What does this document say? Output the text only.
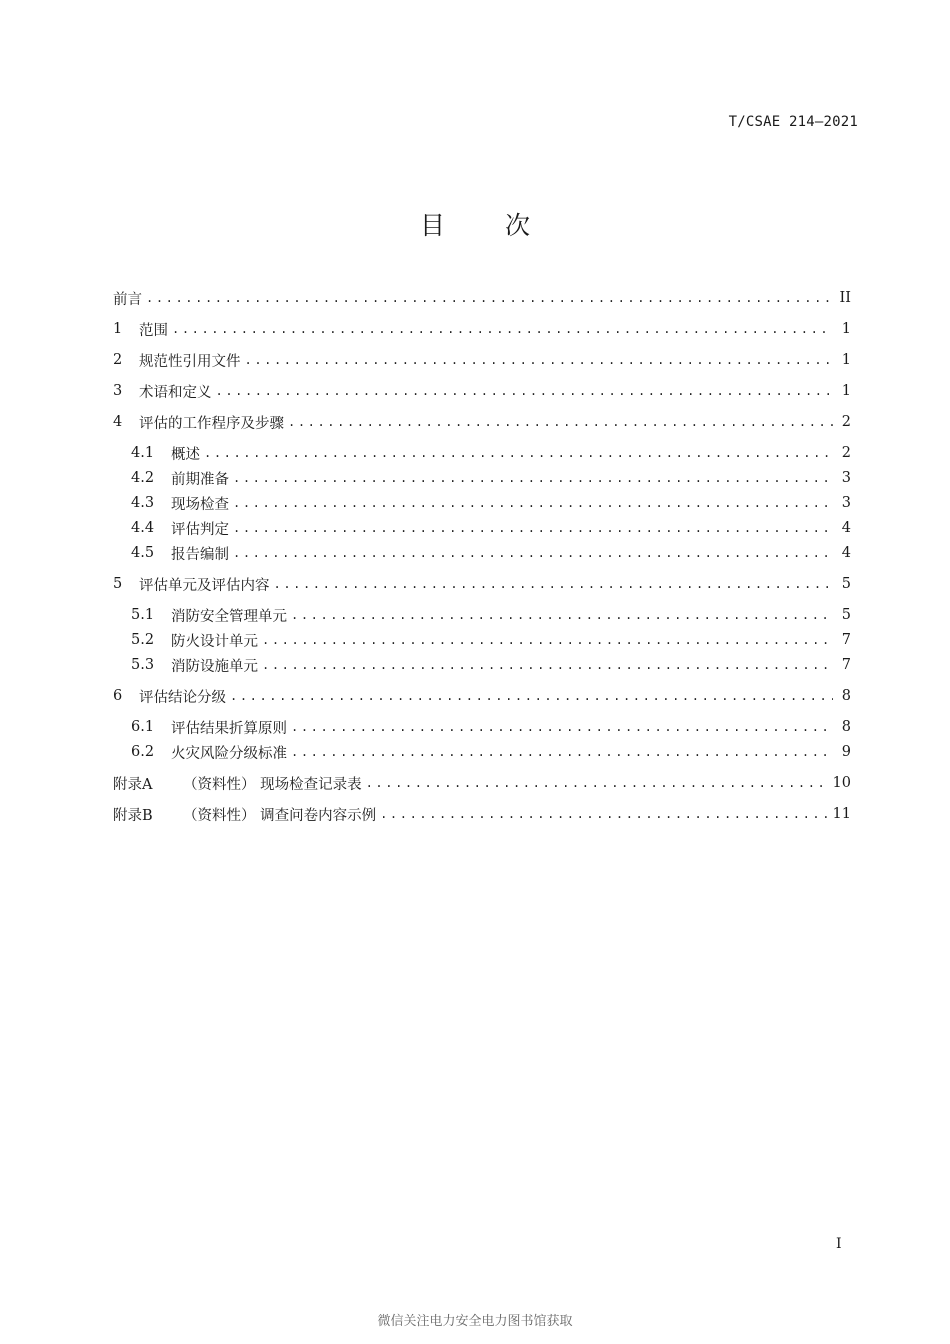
T/CSAE 214—2021
目 次
前言 .....	II
1	范围 .....	1
2	规范性引用文件 .....	1
3	术语和定义 .....	1
4	评估的工作程序及步骤 .....	2
4.1	概述 .....	2
4.2	前期准备 .....	3
4.3	现场检查 .....	3
4.4	评估判定 .....	4
4.5	报告编制 .....	4
5	评估单元及评估内容 .....	5
5.1	消防安全管理单元 .....	5
5.2	防火设计单元 .....	7
5.3	消防设施单元 .....	7
6	评估结论分级 .....	8
6.1	评估结果折算原则 .....	8
6.2	火灾风险分级标准 .....	9
附录A	（资料性） 现场检查记录表 .....	10
附录B	（资料性） 调查问卷内容示例 .....	11
I
微信关注电力安全电力图书馆获取
